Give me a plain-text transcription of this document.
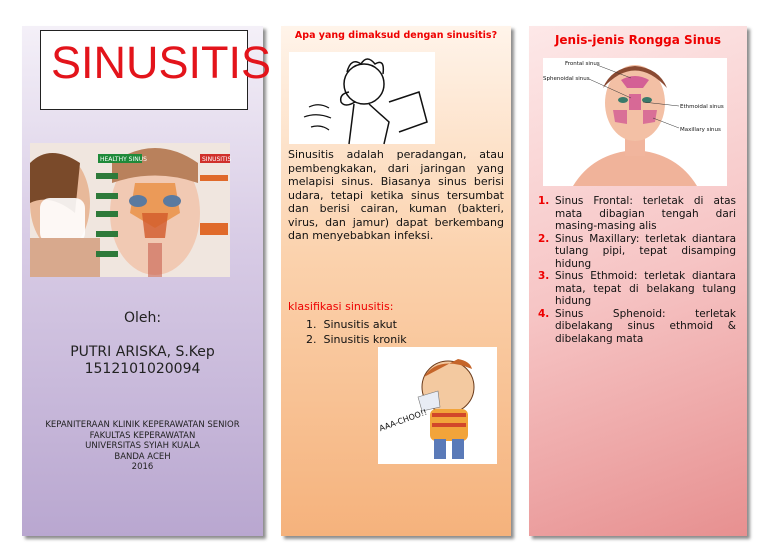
SINUSITIS
HEALTHY SINUS	SINUSITIS
Oleh:
PUTRI ARISKA, S.Kep
1512101020094
KEPANITERAAN KLINIK KEPERAWATAN SENIOR
FAKULTAS KEPERAWATAN
UNIVERSITAS SYIAH KUALA
BANDA ACEH
2016
Apa yang dimaksud dengan sinusitis?
Sinusitis adalah peradangan, atau pembengkakan, dari jaringan yang melapisi sinus. Biasanya sinus berisi udara, tetapi ketika sinus tersumbat dan berisi cairan, kuman (bakteri, virus, dan jamur) dapat berkembang dan menyebabkan infeksi.
klasifikasi sinusitis:
1.  Sinusitis akut
2.  Sinusitis kronik
AAA-CHOO!!
Jenis-jenis Rongga Sinus
Frontal sinus
Sphenoidal sinus
Ethmoidal sinus
Maxillary sinus
1. Sinus Frontal: terletak di atas mata dibagian tengah dari masing-masing alis
2. Sinus Maxillary: terletak diantara tulang pipi, tepat disamping hidung
3. Sinus Ethmoid: terletak diantara mata, tepat di belakang tulang hidung
4. Sinus Sphenoid: terletak dibelakang sinus ethmoid & dibelakang mata
